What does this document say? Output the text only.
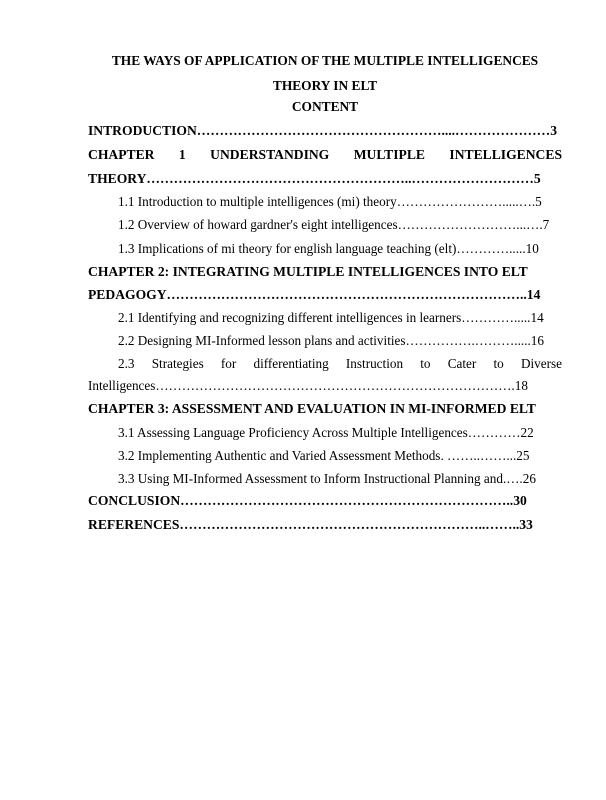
THE WAYS OF APPLICATION OF THE MULTIPLE INTELLIGENCES
THEORY IN ELT
CONTENT
INTRODUCTION………………………………………………....…………………3
CHAPTER 1 UNDERSTANDING MULTIPLE INTELLIGENCES
THEORY…………………………………………………..………………………5
1.1 Introduction to multiple intelligences (mi) theory…………………….....….5
1.2 Overview of howard gardner's eight intelligences………………………...….7
1.3 Implications of mi theory for english language teaching (elt)………….....10
CHAPTER 2: INTEGRATING MULTIPLE INTELLIGENCES INTO ELT
PEDAGOGY……………………………………………………………………..14
2.1 Identifying and recognizing different intelligences in learners………….....14
2.2 Designing MI-Informed lesson plans and activities…………….……….....16
2.3 Strategies for differentiating Instruction to Cater to Diverse
Intelligences……………………………………………………………………….18
CHAPTER 3: ASSESSMENT AND EVALUATION IN MI-INFORMED ELT
3.1 Assessing Language Proficiency Across Multiple Intelligences…………22
3.2 Implementing Authentic and Varied Assessment Methods. ……..……...25
3.3 Using MI-Informed Assessment to Inform Instructional Planning and.….26
CONCLUSION………………………………………………………………..30
REFERENCES…………………………………………………………..……..33
